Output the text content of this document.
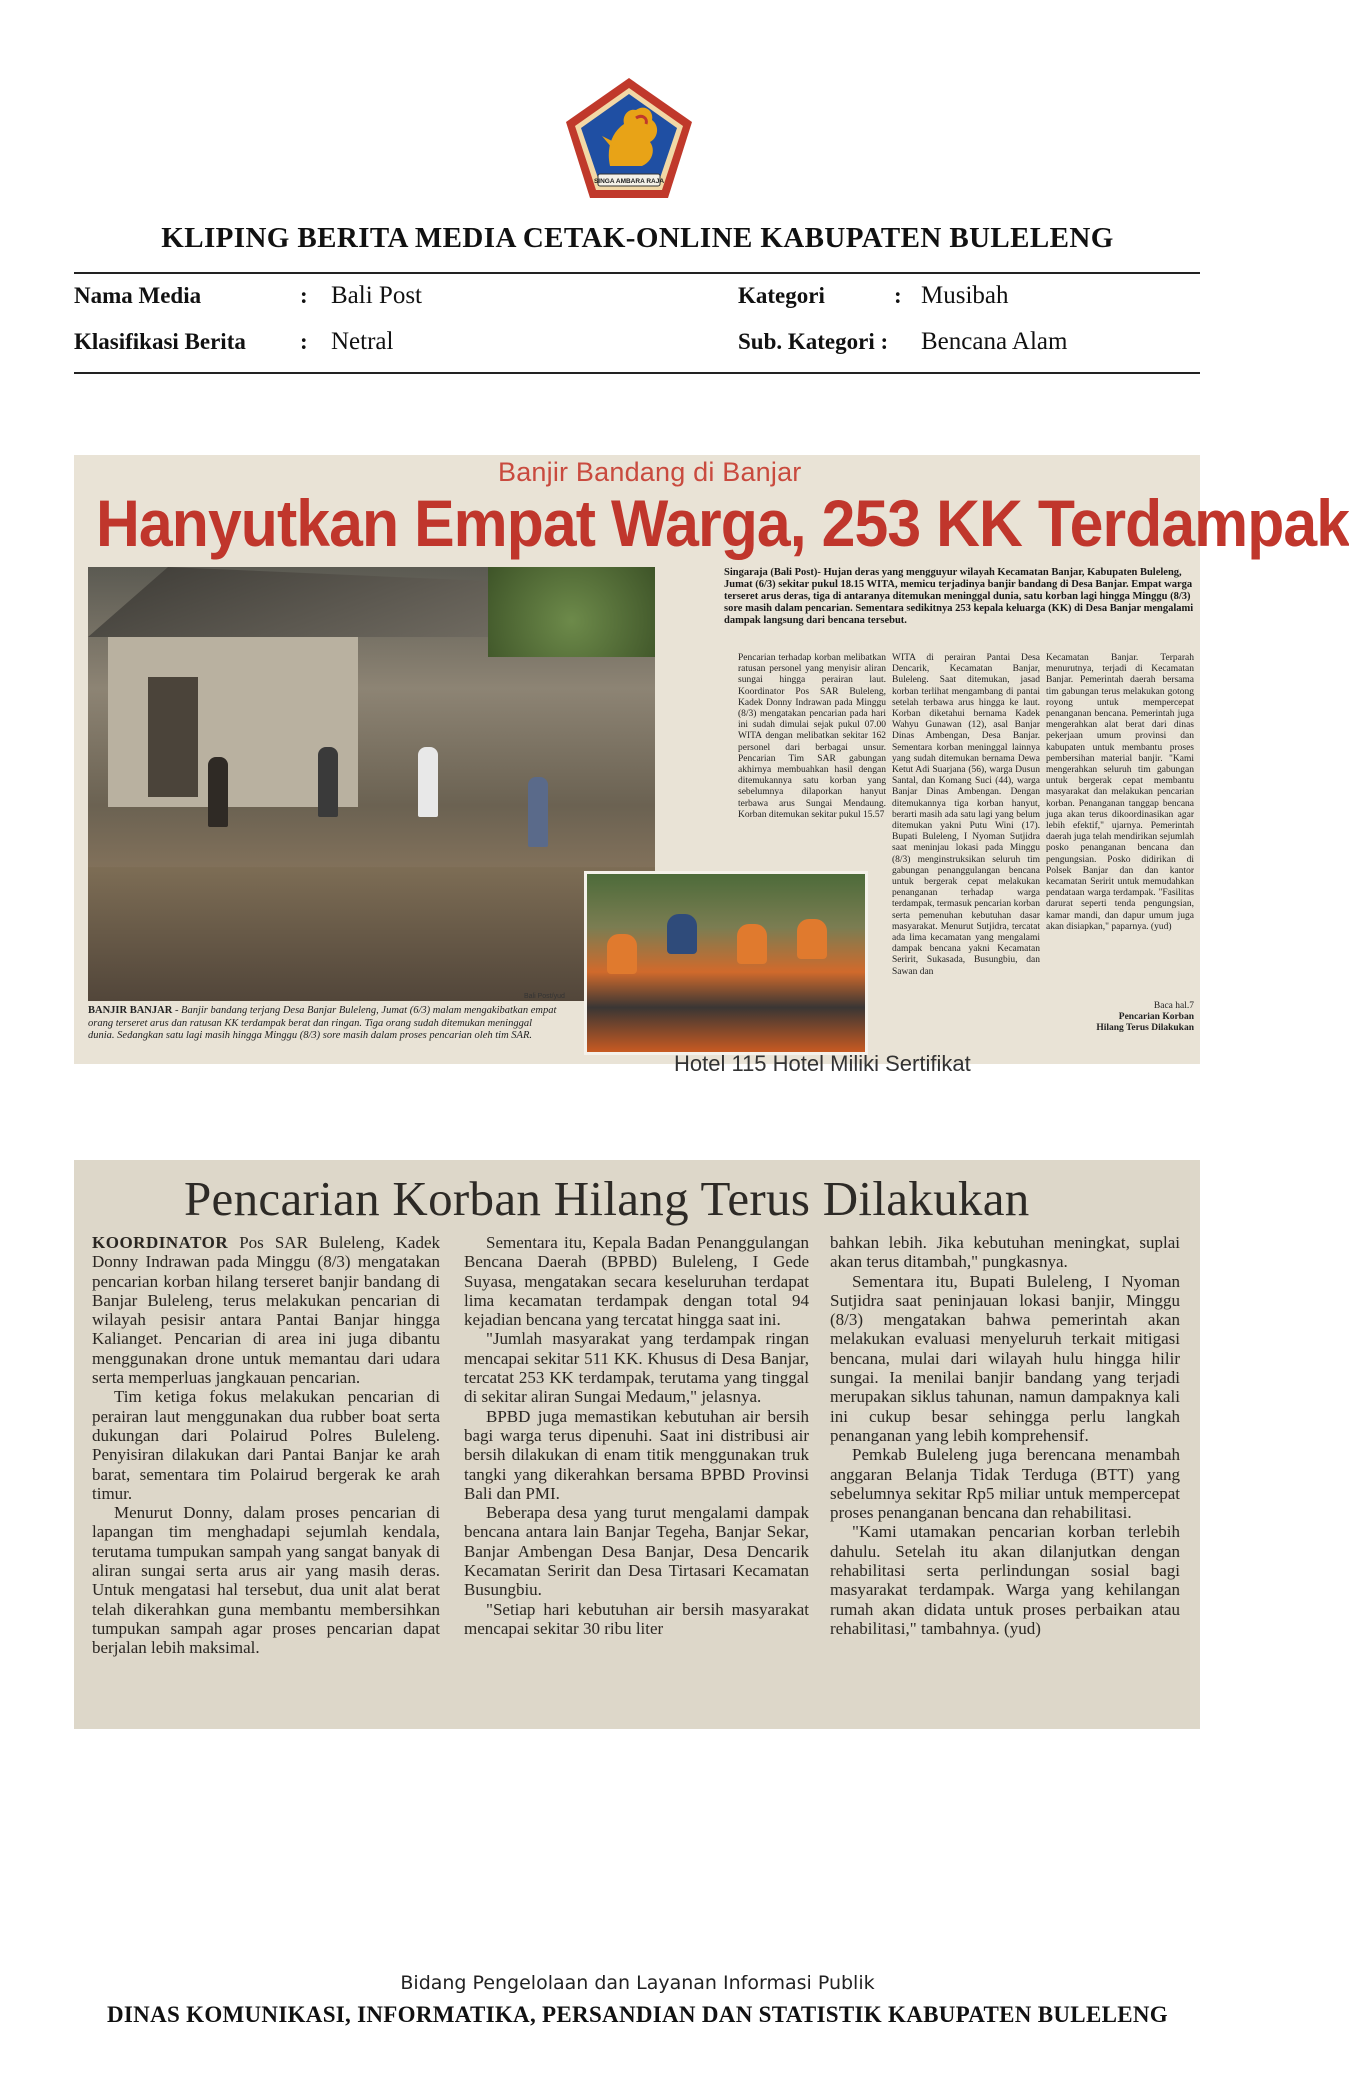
SINGA AMBARA RAJA
KLIPING BERITA MEDIA CETAK-ONLINE KABUPATEN BULELENG
Nama Media	: Bali Post
Klasifikasi Berita : Netral
Kategori	: Musibah
Sub. Kategori : Bencana Alam
Banjir Bandang di Banjar
Hanyutkan Empat Warga, 253 KK Terdampak
Bali Post/yud
BANJIR BANJAR - Banjir bandang terjang Desa Banjar Buleleng, Jumat (6/3) malam mengakibatkan empat orang terseret arus dan ratusan KK terdampak berat dan ringan. Tiga orang sudah ditemukan meninggal dunia. Sedangkan satu lagi masih hingga Minggu (8/3) sore masih dalam proses pencarian oleh tim SAR.
Singaraja (Bali Post)- Hujan deras yang mengguyur wilayah Kecamatan Banjar, Kabupaten Buleleng, Jumat (6/3) sekitar pukul 18.15 WITA, memicu terjadinya banjir bandang di Desa Banjar. Empat warga terseret arus deras, tiga di antaranya ditemukan meninggal dunia, satu korban lagi hingga Minggu (8/3) sore masih dalam pencarian. Sementara sedikitnya 253 kepala keluarga (KK) di Desa Banjar mengalami dampak langsung dari bencana tersebut.
Pencarian terhadap korban melibatkan ratusan personel yang menyisir aliran sungai hingga perairan laut. Koordinator Pos SAR Buleleng, Kadek Donny Indrawan pada Minggu (8/3) mengatakan pencarian pada hari ini sudah dimulai sejak pukul 07.00 WITA dengan melibatkan sekitar 162 personel dari berbagai unsur. Pencarian Tim SAR gabungan akhirnya membuahkan hasil dengan ditemukannya satu korban yang sebelumnya dilaporkan hanyut terbawa arus Sungai Mendaung. Korban ditemukan sekitar pukul 15.57
WITA di perairan Pantai Desa Dencarik, Kecamatan Banjar, Buleleng. Saat ditemukan, jasad korban terlihat mengambang di pantai setelah terbawa arus hingga ke laut. Korban diketahui bernama Kadek Wahyu Gunawan (12), asal Banjar Dinas Ambengan, Desa Banjar. Sementara korban meninggal lainnya yang sudah ditemukan bernama Dewa Ketut Adi Suarjana (56), warga Dusun Santal, dan Komang Suci (44), warga Banjar Dinas Ambengan. Dengan ditemukannya tiga korban hanyut, berarti masih ada satu lagi yang belum ditemukan yakni Putu Wini (17). Bupati Buleleng, I Nyoman Sutjidra saat meninjau lokasi pada Minggu (8/3) menginstruksikan seluruh tim gabungan penanggulangan bencana untuk bergerak cepat melakukan penanganan terhadap warga terdampak, termasuk pencarian korban serta pemenuhan kebutuhan dasar masyarakat. Menurut Sutjidra, tercatat ada lima kecamatan yang mengalami dampak bencana yakni Kecamatan Seririt, Sukasada, Busungbiu, dan Sawan dan
Kecamatan Banjar. Terparah menurutnya, terjadi di Kecamatan Banjar. Pemerintah daerah bersama tim gabungan terus melakukan gotong royong untuk mempercepat penanganan bencana. Pemerintah juga mengerahkan alat berat dari dinas pekerjaan umum provinsi dan kabupaten untuk membantu proses pembersihan material banjir. "Kami mengerahkan seluruh tim gabungan untuk bergerak cepat membantu masyarakat dan melakukan pencarian korban. Penanganan tanggap bencana juga akan terus dikoordinasikan agar lebih efektif," ujarnya. Pemerintah daerah juga telah mendirikan sejumlah posko penanganan bencana dan pengungsian. Posko didirikan di Polsek Banjar dan dan kantor kecamatan Seririt untuk memudahkan pendataan warga terdampak. "Fasilitas darurat seperti tenda pengungsian, kamar mandi, dan dapur umum juga akan disiapkan," paparnya. (yud)
Baca hal.7
Pencarian Korban
Hilang Terus Dilakukan
Hotel 115 Hotel Miliki Sertifikat
Pencarian Korban Hilang Terus Dilakukan

KOORDINATOR Pos SAR Buleleng, Kadek Donny Indrawan pada Minggu (8/3) mengatakan pencarian korban hilang terseret banjir bandang di Banjar Buleleng, terus melakukan pencarian di wilayah pesisir antara Pantai Banjar hingga Kalianget. Pencarian di area ini juga dibantu menggunakan drone untuk memantau dari udara serta memperluas jangkauan pencarian.

Tim ketiga fokus melakukan pencarian di perairan laut menggunakan dua rubber boat serta dukungan dari Polairud Polres Buleleng. Penyisiran dilakukan dari Pantai Banjar ke arah barat, sementara tim Polairud bergerak ke arah timur.

Menurut Donny, dalam proses pencarian di lapangan tim menghadapi sejumlah kendala, terutama tumpukan sampah yang sangat banyak di aliran sungai serta arus air yang masih deras. Untuk mengatasi hal tersebut, dua unit alat berat telah dikerahkan guna membantu membersihkan tumpukan sampah agar proses pencarian dapat berjalan lebih maksimal.

Sementara itu, Kepala Badan Penanggulangan Bencana Daerah (BPBD) Buleleng, I Gede Suyasa, mengatakan secara keseluruhan terdapat lima kecamatan terdampak dengan total 94 kejadian bencana yang tercatat hingga saat ini.

"Jumlah masyarakat yang terdampak ringan mencapai sekitar 511 KK. Khusus di Desa Banjar, tercatat 253 KK terdampak, terutama yang tinggal di sekitar aliran Sungai Medaum," jelasnya.

BPBD juga memastikan kebutuhan air bersih bagi warga terus dipenuhi. Saat ini distribusi air bersih dilakukan di enam titik menggunakan truk tangki yang dikerahkan bersama BPBD Provinsi Bali dan PMI.

Beberapa desa yang turut mengalami dampak bencana antara lain Banjar Tegeha, Banjar Sekar, Banjar Ambengan Desa Banjar, Desa Dencarik Kecamatan Seririt dan Desa Tirtasari Kecamatan Busungbiu.

"Setiap hari kebutuhan air bersih masyarakat mencapai sekitar 30 ribu liter

bahkan lebih. Jika kebutuhan meningkat, suplai akan terus ditambah," pungkasnya.

Sementara itu, Bupati Buleleng, I Nyoman Sutjidra saat peninjauan lokasi banjir, Minggu (8/3) mengatakan bahwa pemerintah akan melakukan evaluasi menyeluruh terkait mitigasi bencana, mulai dari wilayah hulu hingga hilir sungai. Ia menilai banjir bandang yang terjadi merupakan siklus tahunan, namun dampaknya kali ini cukup besar sehingga perlu langkah penanganan yang lebih komprehensif.

Pemkab Buleleng juga berencana menambah anggaran Belanja Tidak Terduga (BTT) yang sebelumnya sekitar Rp5 miliar untuk mempercepat proses penanganan bencana dan rehabilitasi.

"Kami utamakan pencarian korban terlebih dahulu. Setelah itu akan dilanjutkan dengan rehabilitasi serta perlindungan sosial bagi masyarakat terdampak. Warga yang kehilangan rumah akan didata untuk proses perbaikan atau rehabilitasi," tambahnya. (yud)

Bidang Pengelolaan dan Layanan Informasi Publik
DINAS KOMUNIKASI, INFORMATIKA, PERSANDIAN DAN STATISTIK KABUPATEN BULELENG
